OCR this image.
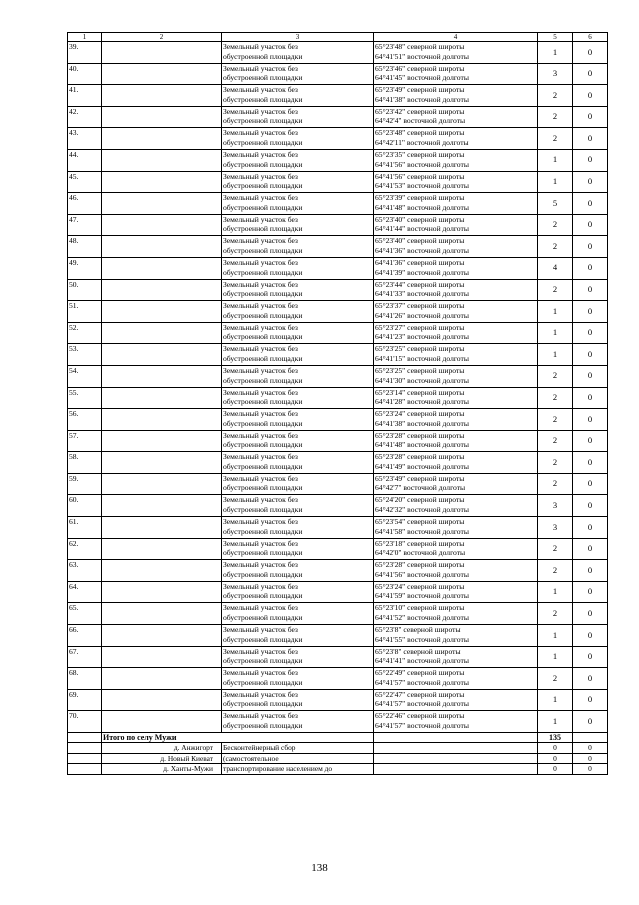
1	2	3	4	5	6
39.		Земельный участок без обустроенной площадки	65°23'48" северной широты
64°41'51" восточной долготы	1	0
40.		Земельный участок без обустроенной площадки	65°23'46" северной широты
64°41'45" восточной долготы	3	0
41.		Земельный участок без обустроенной площадки	65°23'49" северной широты
64°41'38" восточной долготы	2	0
42.		Земельный участок без обустроенной площадки	65°23'42" северной широты
64°42'4" восточной долготы	2	0
43.		Земельный участок без обустроенной площадки	65°23'48" северной широты
64°42'11" восточной долготы	2	0
44.		Земельный участок без обустроенной площадки	65°23'35" северной широты
64°41'56" восточной долготы	1	0
45.		Земельный участок без обустроенной площадки	64°41'56" северной широты
64°41'53" восточной долготы	1	0
46.		Земельный участок без обустроенной площадки	65°23'39" северной широты
64°41'48" восточной долготы	5	0
47.		Земельный участок без обустроенной площадки	65°23'40" северной широты
64°41'44" восточной долготы	2	0
48.		Земельный участок без обустроенной площадки	65°23'40" северной широты
64°41'36" восточной долготы	2	0
49.		Земельный участок без обустроенной площадки	64°41'36" северной широты
64°41'39" восточной долготы	4	0
50.		Земельный участок без обустроенной площадки	65°23'44" северной широты
64°41'33" восточной долготы	2	0
51.		Земельный участок без обустроенной площадки	65°23'37" северной широты
64°41'26" восточной долготы	1	0
52.		Земельный участок без обустроенной площадки	65°23'27" северной широты
64°41'23" восточной долготы	1	0
53.		Земельный участок без обустроенной площадки	65°23'25" северной широты
64°41'15" восточной долготы	1	0
54.		Земельный участок без обустроенной площадки	65°23'25" северной широты
64°41'30" восточной долготы	2	0
55.		Земельный участок без обустроенной площадки	65°23'14" северной широты
64°41'28" восточной долготы	2	0
56.		Земельный участок без обустроенной площадки	65°23'24" северной широты
64°41'38" восточной долготы	2	0
57.		Земельный участок без обустроенной площадки	65°23'28" северной широты
64°41'48" восточной долготы	2	0
58.		Земельный участок без обустроенной площадки	65°23'28" северной широты
64°41'49" восточной долготы	2	0
59.		Земельный участок без обустроенной площадки	65°23'49" северной широты
64°42'7" восточной долготы	2	0
60.		Земельный участок без обустроенной площадки	65°24'20" северной широты
64°42'32" восточной долготы	3	0
61.		Земельный участок без обустроенной площадки	65°23'54" северной широты
64°41'58" восточной долготы	3	0
62.		Земельный участок без обустроенной площадки	65°23'18" северной широты
64°42'0" восточной долготы	2	0
63.		Земельный участок без обустроенной площадки	65°23'28" северной широты
64°41'56" восточной долготы	2	0
64.		Земельный участок без обустроенной площадки	65°23'24" северной широты
64°41'59" восточной долготы	1	0
65.		Земельный участок без обустроенной площадки	65°23'10" северной широты
64°41'52" восточной долготы	2	0
66.		Земельный участок без обустроенной площадки	65°23'8" северной широты
64°41'55" восточной долготы	1	0
67.		Земельный участок без обустроенной площадки	65°23'8" северной широты
64°41'41" восточной долготы	1	0
68.		Земельный участок без обустроенной площадки	65°22'49" северной широты
64°41'57" восточной долготы	2	0
69.		Земельный участок без обустроенной площадки	65°22'47" северной широты
64°41'57" восточной долготы	1	0
70.		Земельный участок без обустроенной площадки	65°22'46" северной широты
64°41'57" восточной долготы	1	0
	Итого по селу Мужи			135	
	д. Анжигорт	Бесконтейнерный сбор		0	0
	д. Новый Киеват	(самостоятельное		0	0
	д. Ханты-Мужи	транспортирование населением до		0	0
138
